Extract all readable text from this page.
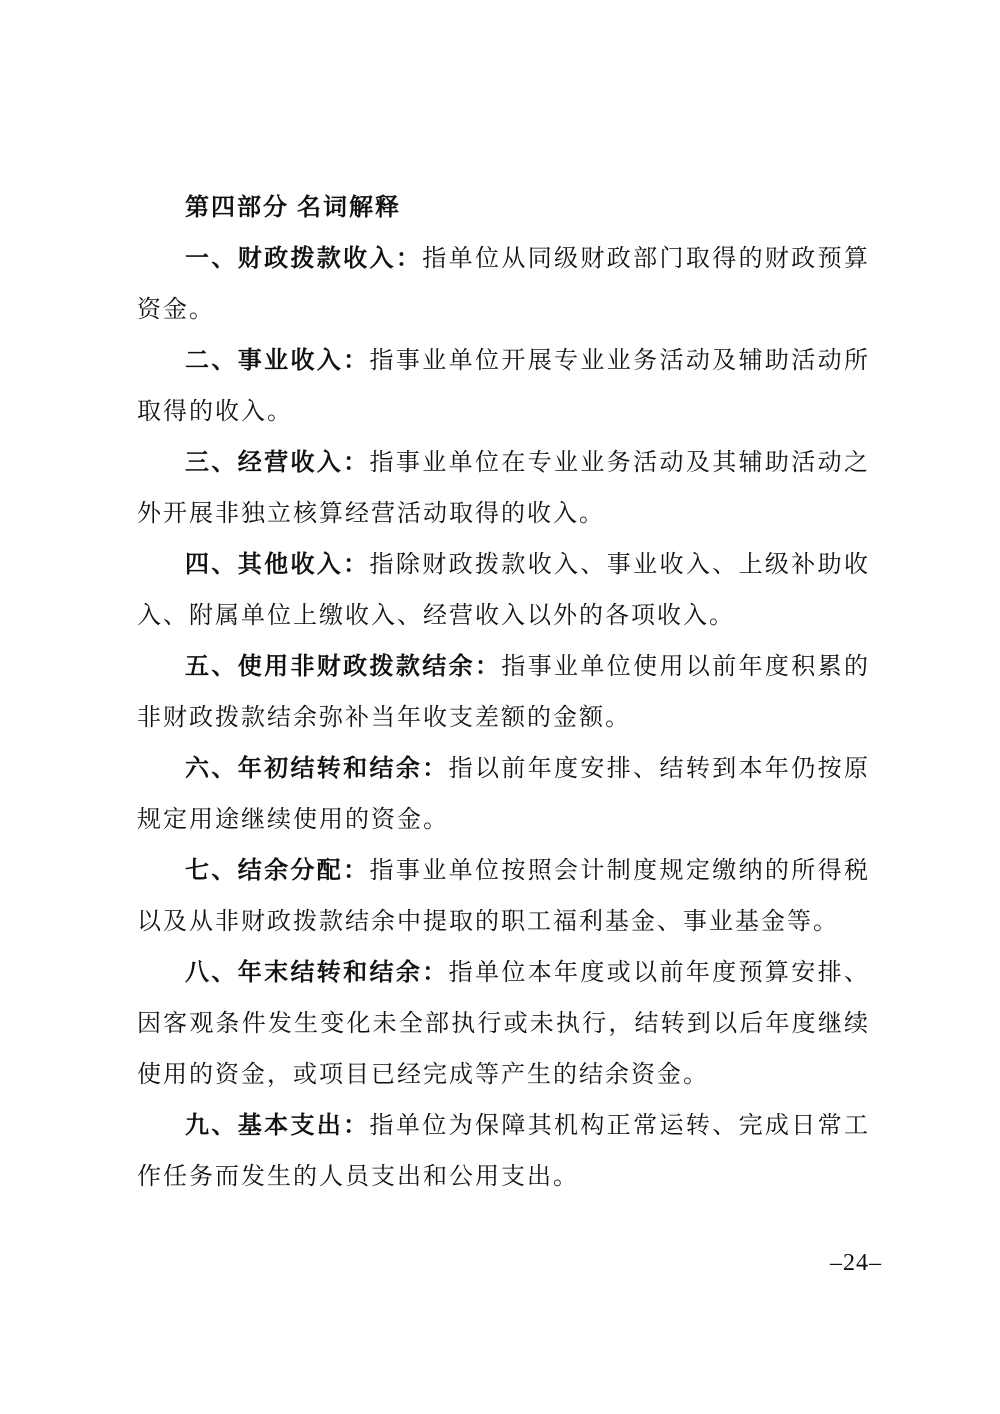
第四部分 名词解释

一、财政拨款收入：指单位从同级财政部门取得的财政预算资金。

二、事业收入：指事业单位开展专业业务活动及辅助活动所取得的收入。

三、经营收入：指事业单位在专业业务活动及其辅助活动之外开展非独立核算经营活动取得的收入。

四、其他收入：指除财政拨款收入、事业收入、上级补助收入、附属单位上缴收入、经营收入以外的各项收入。

五、使用非财政拨款结余：指事业单位使用以前年度积累的非财政拨款结余弥补当年收支差额的金额。

六、年初结转和结余：指以前年度安排、结转到本年仍按原规定用途继续使用的资金。

七、结余分配：指事业单位按照会计制度规定缴纳的所得税以及从非财政拨款结余中提取的职工福利基金、事业基金等。

八、年末结转和结余：指单位本年度或以前年度预算安排、因客观条件发生变化未全部执行或未执行，结转到以后年度继续使用的资金，或项目已经完成等产生的结余资金。

九、基本支出：指单位为保障其机构正常运转、完成日常工作任务而发生的人员支出和公用支出。

–24–
